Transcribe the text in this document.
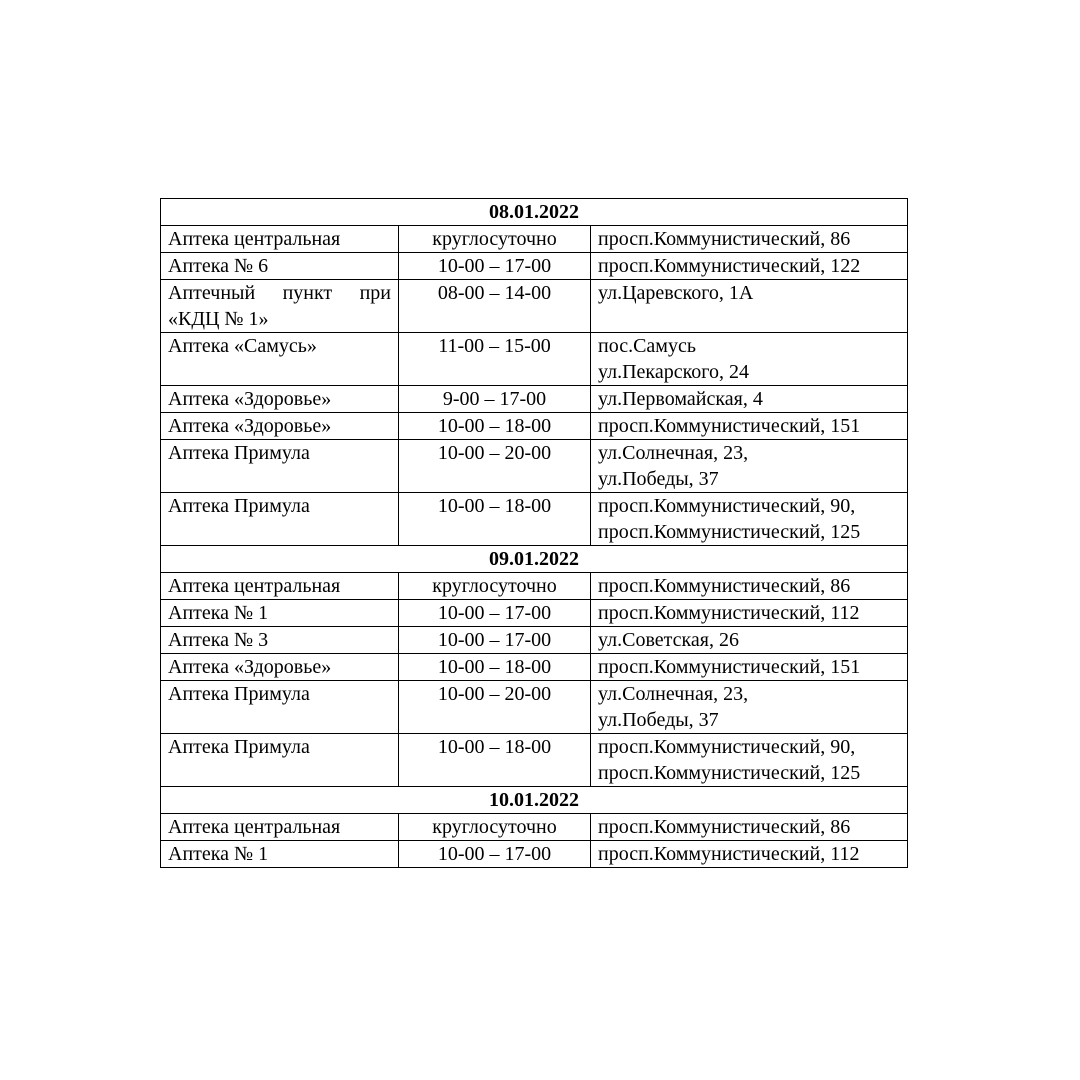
08.01.2022		
Аптека центральная	круглосуточно	просп.Коммунистический, 86
Аптека № 6	10-00 – 17-00	просп.Коммунистический, 122
Аптечный пункт при «КДЦ № 1»	08-00 – 14-00	ул.Царевского, 1А
Аптека «Самусь»	11-00 – 15-00	пос.Самусь
ул.Пекарского, 24
Аптека «Здоровье»	9-00 – 17-00	ул.Первомайская, 4
Аптека «Здоровье»	10-00 – 18-00	просп.Коммунистический, 151
Аптека Примула	10-00 – 20-00	ул.Солнечная, 23,
ул.Победы, 37
Аптека Примула	10-00 – 18-00	просп.Коммунистический, 90,
просп.Коммунистический, 125
09.01.2022		
Аптека центральная	круглосуточно	просп.Коммунистический, 86
Аптека № 1	10-00 – 17-00	просп.Коммунистический, 112
Аптека № 3	10-00 – 17-00	ул.Советская, 26
Аптека «Здоровье»	10-00 – 18-00	просп.Коммунистический, 151
Аптека Примула	10-00 – 20-00	ул.Солнечная, 23,
ул.Победы, 37
Аптека Примула	10-00 – 18-00	просп.Коммунистический, 90,
просп.Коммунистический, 125
10.01.2022		
Аптека центральная	круглосуточно	просп.Коммунистический, 86
Аптека № 1	10-00 – 17-00	просп.Коммунистический, 112
